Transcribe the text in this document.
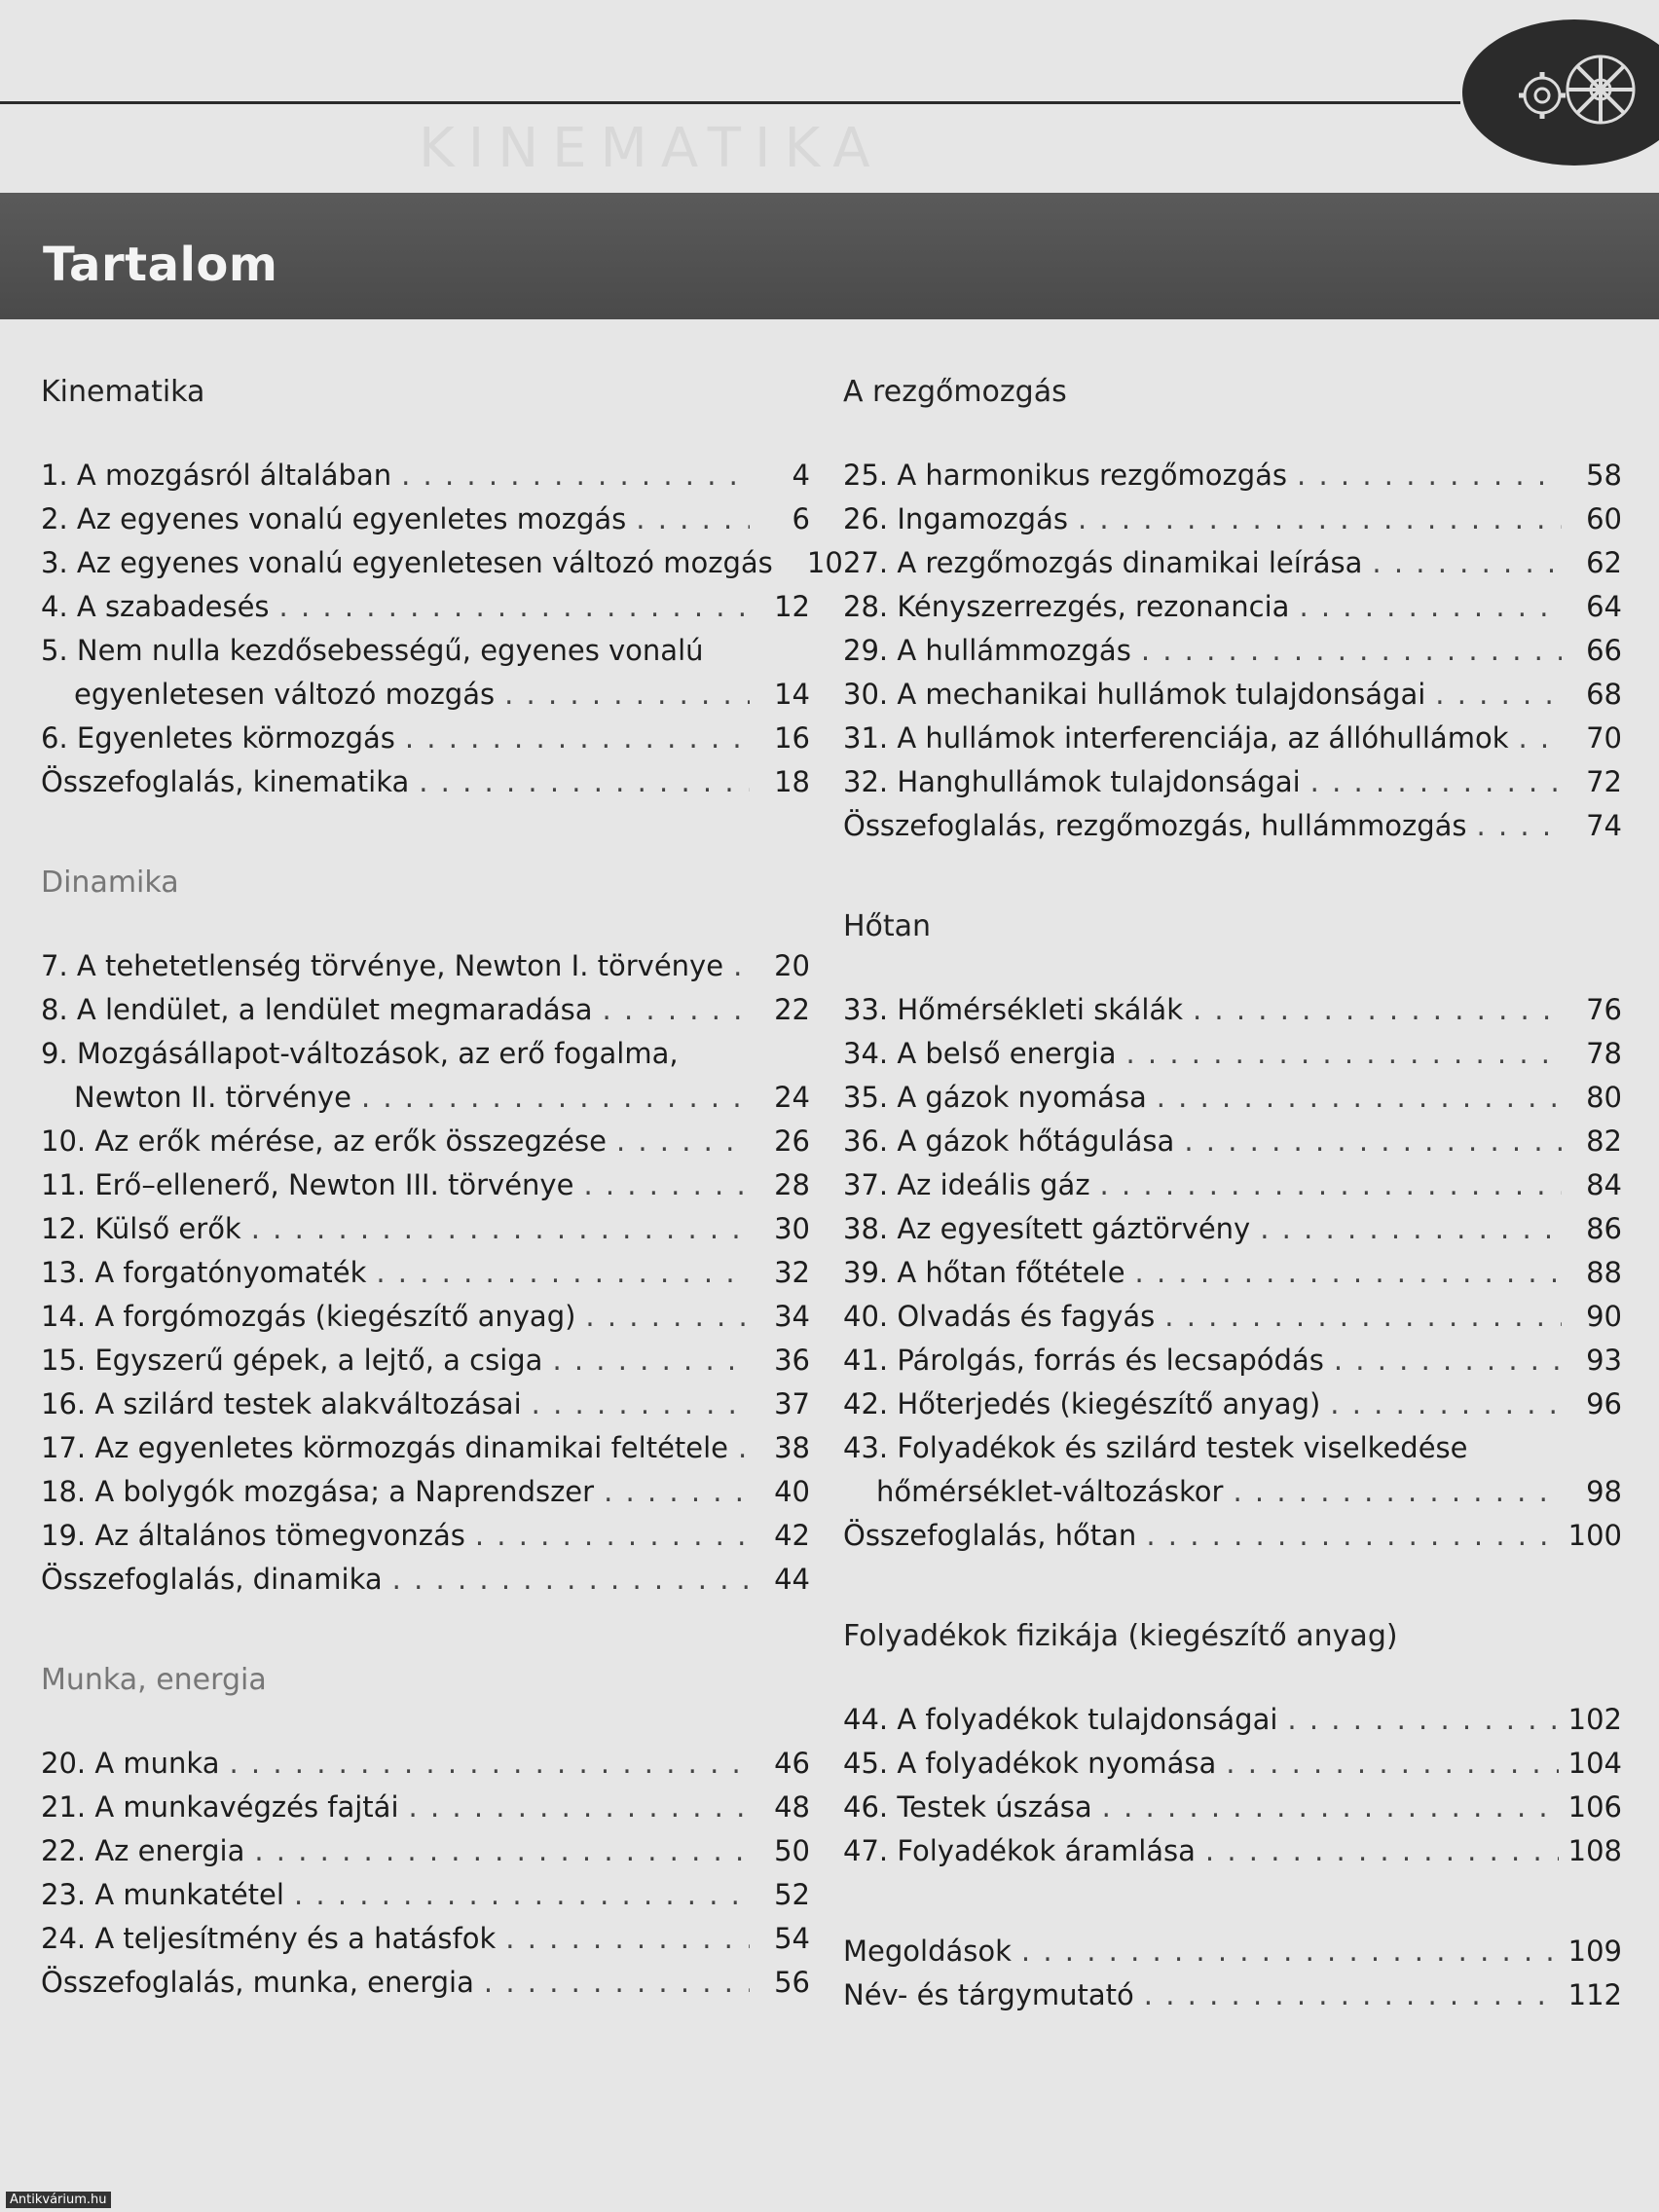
KINEMATIKA
Tartalom
Kinematika
1. A mozgásról általában . . .	4
2. Az egyenes vonalú egyenletes mozgás . . .	6
3. Az egyenes vonalú egyenletesen változó mozgás	10
4. A szabadesés . . .	12
5. Nem nulla kezdősebességű, egyenes vonalú
egyenletesen változó mozgás . . .	14
6. Egyenletes körmozgás . . .	16
Összefoglalás, kinematika . . .	18
Dinamika
7. A tehetetlenség törvénye, Newton I. törvénye . . .	20
8. A lendület, a lendület megmaradása . . .	22
9. Mozgásállapot-változások, az erő fogalma,
Newton II. törvénye . . .	24
10. Az erők mérése, az erők összegzése . . .	26
11. Erő–ellenerő, Newton III. törvénye . . .	28
12. Külső erők . . .	30
13. A forgatónyomaték . . .	32
14. A forgómozgás (kiegészítő anyag) . . .	34
15. Egyszerű gépek, a lejtő, a csiga . . .	36
16. A szilárd testek alakváltozásai . . .	37
17. Az egyenletes körmozgás dinamikai feltétele . . .	38
18. A bolygók mozgása; a Naprendszer . . .	40
19. Az általános tömegvonzás . . .	42
Összefoglalás, dinamika . . .	44
Munka, energia
20. A munka . . .	46
21. A munkavégzés fajtái . . .	48
22. Az energia . . .	50
23. A munkatétel . . .	52
24. A teljesítmény és a hatásfok . . .	54
Összefoglalás, munka, energia . . .	56
A rezgőmozgás
25. A harmonikus rezgőmozgás . . .	58
26. Ingamozgás . . .	60
27. A rezgőmozgás dinamikai leírása . . .	62
28. Kényszerrezgés, rezonancia . . .	64
29. A hullámmozgás . . .	66
30. A mechanikai hullámok tulajdonságai . . .	68
31. A hullámok interferenciája, az állóhullámok . . .	70
32. Hanghullámok tulajdonságai . . .	72
Összefoglalás, rezgőmozgás, hullámmozgás . . .	74
Hőtan
33. Hőmérsékleti skálák . . .	76
34. A belső energia . . .	78
35. A gázok nyomása . . .	80
36. A gázok hőtágulása . . .	82
37. Az ideális gáz . . .	84
38. Az egyesített gáztörvény . . .	86
39. A hőtan főtétele . . .	88
40. Olvadás és fagyás . . .	90
41. Párolgás, forrás és lecsapódás . . .	93
42. Hőterjedés (kiegészítő anyag) . . .	96
43. Folyadékok és szilárd testek viselkedése
hőmérséklet-változáskor . . .	98
Összefoglalás, hőtan . . .	100
Folyadékok fizikája (kiegészítő anyag)
44. A folyadékok tulajdonságai . . .	102
45. A folyadékok nyomása . . .	104
46. Testek úszása . . .	106
47. Folyadékok áramlása . . .	108
Megoldások . . .	109
Név- és tárgymutató . . .	112
Antikvárium.hu
